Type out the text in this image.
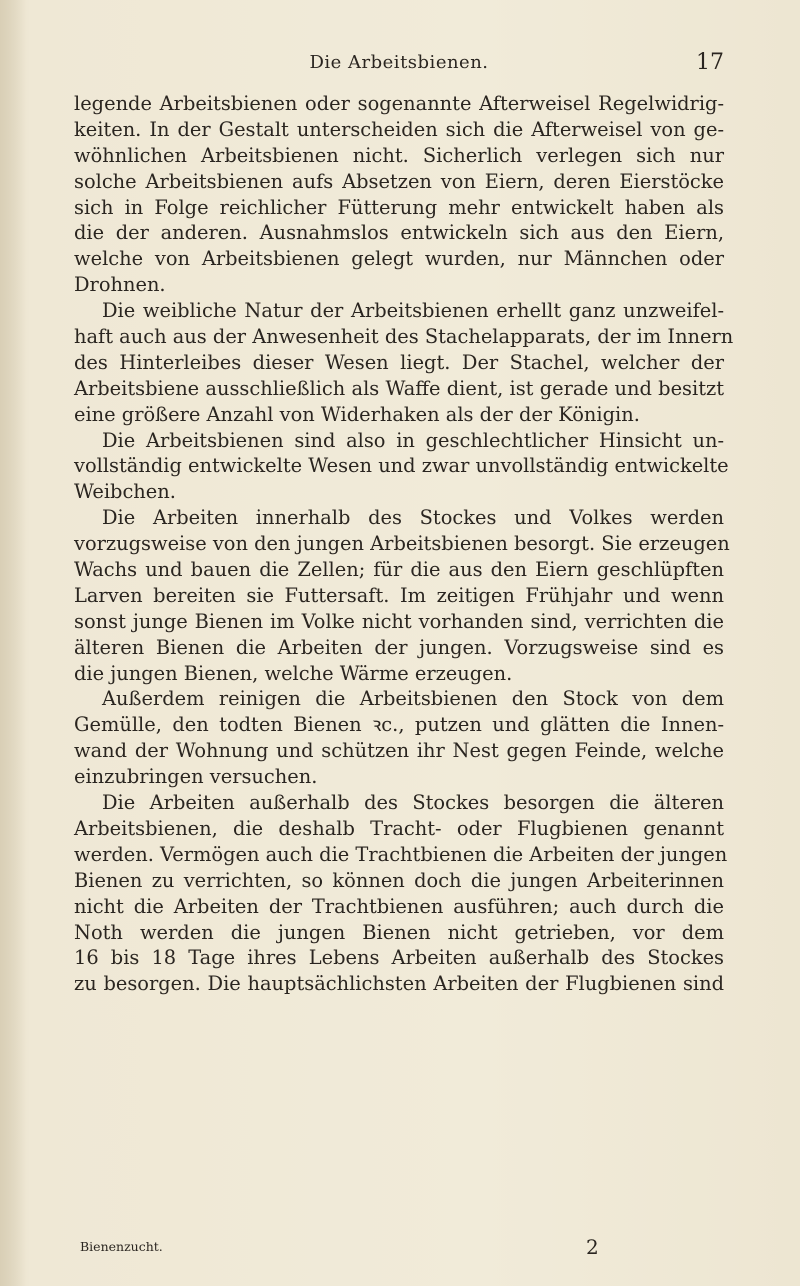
Die Arbeitsbienen.	17
legende Arbeitsbienen oder sogenannte Afterweisel Regelwidrig-
keiten. In der Gestalt unterscheiden sich die Afterweisel von ge-
wöhnlichen Arbeitsbienen nicht. Sicherlich verlegen sich nur
solche Arbeitsbienen aufs Absetzen von Eiern, deren Eierstöcke
sich in Folge reichlicher Fütterung mehr entwickelt haben als
die der anderen. Ausnahmslos entwickeln sich aus den Eiern,
welche von Arbeitsbienen gelegt wurden, nur Männchen oder
Drohnen.
Die weibliche Natur der Arbeitsbienen erhellt ganz unzweifel-
haft auch aus der Anwesenheit des Stachelapparats, der im Innern
des Hinterleibes dieser Wesen liegt. Der Stachel, welcher der
Arbeitsbiene ausschließlich als Waffe dient, ist gerade und besitzt
eine größere Anzahl von Widerhaken als der der Königin.
Die Arbeitsbienen sind also in geschlechtlicher Hinsicht un-
vollständig entwickelte Wesen und zwar unvollständig entwickelte
Weibchen.
Die Arbeiten innerhalb des Stockes und Volkes werden
vorzugsweise von den jungen Arbeitsbienen besorgt. Sie erzeugen
Wachs und bauen die Zellen; für die aus den Eiern geschlüpften
Larven bereiten sie Futtersaft. Im zeitigen Frühjahr und wenn
sonst junge Bienen im Volke nicht vorhanden sind, verrichten die
älteren Bienen die Arbeiten der jungen. Vorzugsweise sind es
die jungen Bienen, welche Wärme erzeugen.
Außerdem reinigen die Arbeitsbienen den Stock von dem
Gemülle, den todten Bienen ꝛc., putzen und glätten die Innen-
wand der Wohnung und schützen ihr Nest gegen Feinde, welche
einzubringen versuchen.
Die Arbeiten außerhalb des Stockes besorgen die älteren
Arbeitsbienen, die deshalb Tracht- oder Flugbienen genannt
werden. Vermögen auch die Trachtbienen die Arbeiten der jungen
Bienen zu verrichten, so können doch die jungen Arbeiterinnen
nicht die Arbeiten der Trachtbienen ausführen; auch durch die
Noth werden die jungen Bienen nicht getrieben, vor dem
16 bis 18 Tage ihres Lebens Arbeiten außerhalb des Stockes
zu besorgen. Die hauptsächlichsten Arbeiten der Flugbienen sind
Bienenzucht.	2
